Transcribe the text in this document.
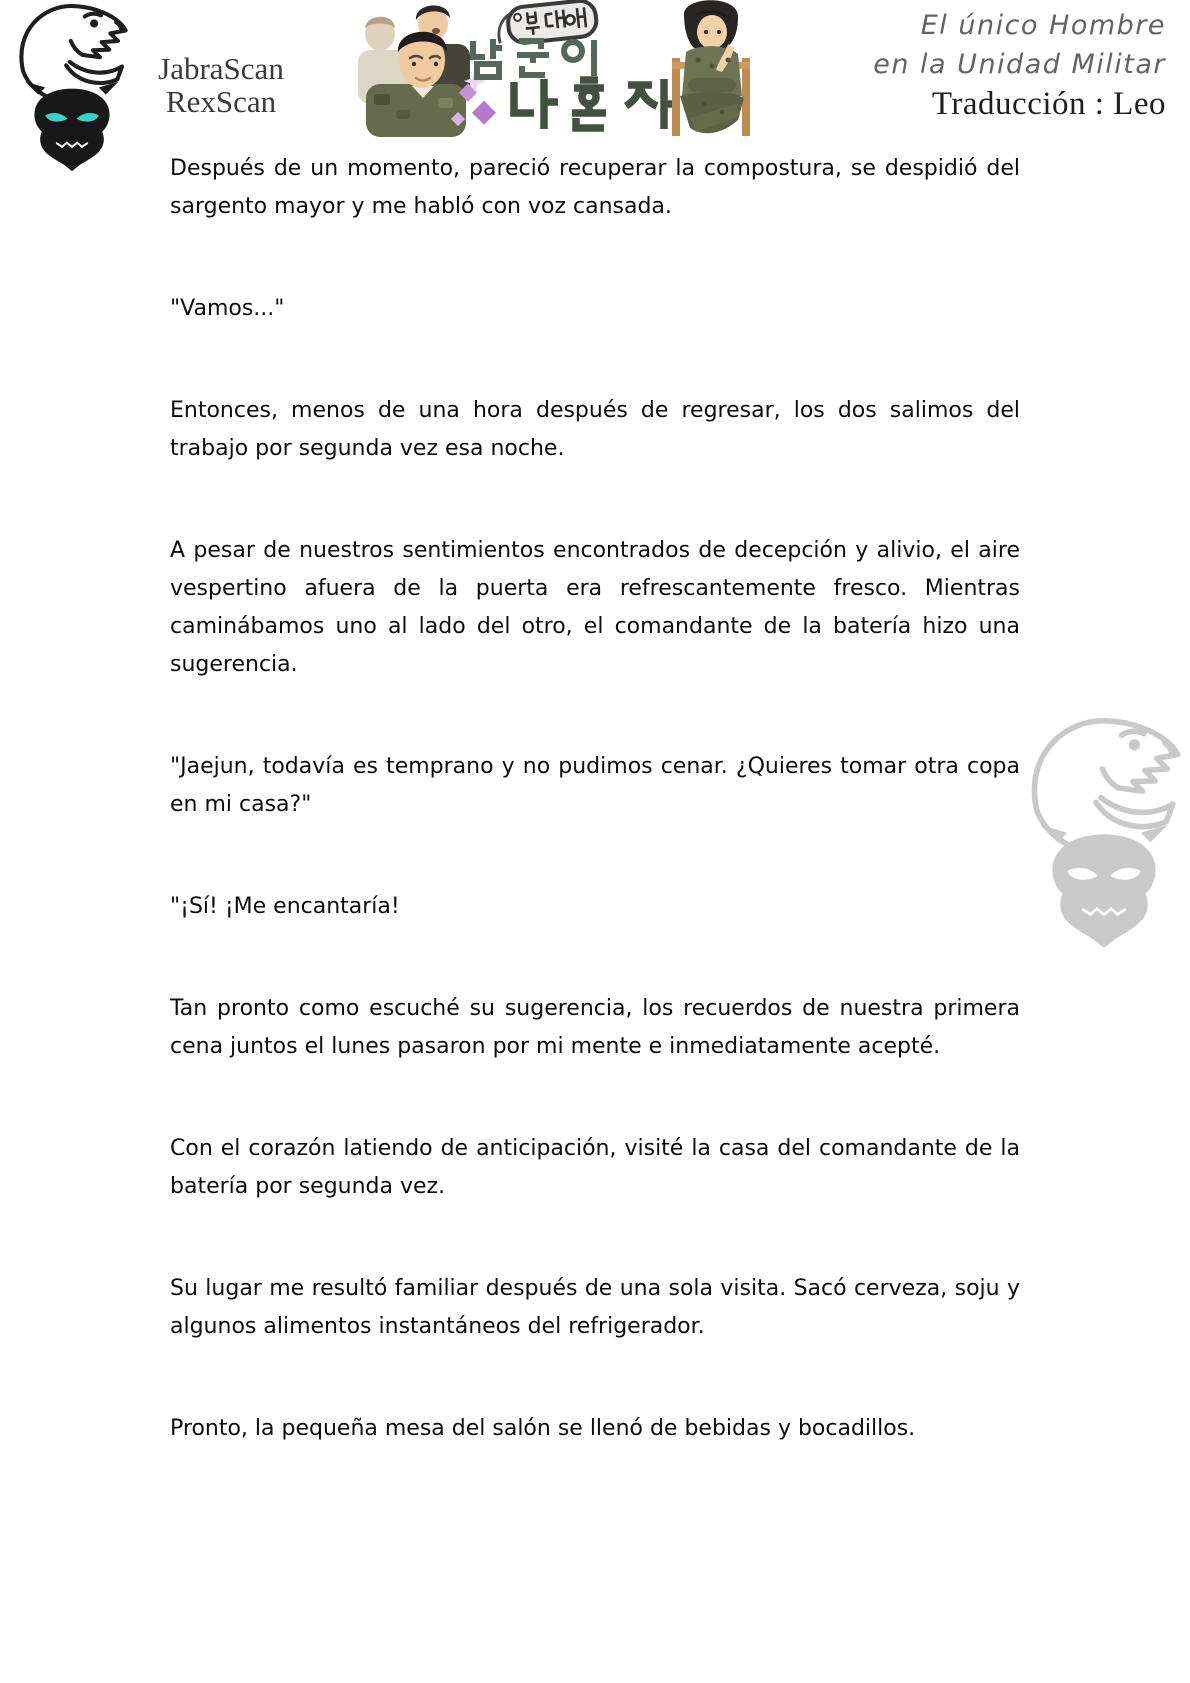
JabraScan
RexScan
El único Hombre
en la Unidad Militar
Traducción : Leo

Después de un momento, pareció recuperar la compostura, se despidió del sargento mayor y me habló con voz cansada.

"Vamos..."

Entonces, menos de una hora después de regresar, los dos salimos del trabajo por segunda vez esa noche.

A pesar de nuestros sentimientos encontrados de decepción y alivio, el aire vespertino afuera de la puerta era refrescantemente fresco. Mientras caminábamos uno al lado del otro, el comandante de la batería hizo una sugerencia.

"Jaejun, todavía es temprano y no pudimos cenar. ¿Quieres tomar otra copa en mi casa?"

"¡Sí! ¡Me encantaría!

Tan pronto como escuché su sugerencia, los recuerdos de nuestra primera cena juntos el lunes pasaron por mi mente e inmediatamente acepté.

Con el corazón latiendo de anticipación, visité la casa del comandante de la batería por segunda vez.

Su lugar me resultó familiar después de una sola visita. Sacó cerveza, soju y algunos alimentos instantáneos del refrigerador.

Pronto, la pequeña mesa del salón se llenó de bebidas y bocadillos.
